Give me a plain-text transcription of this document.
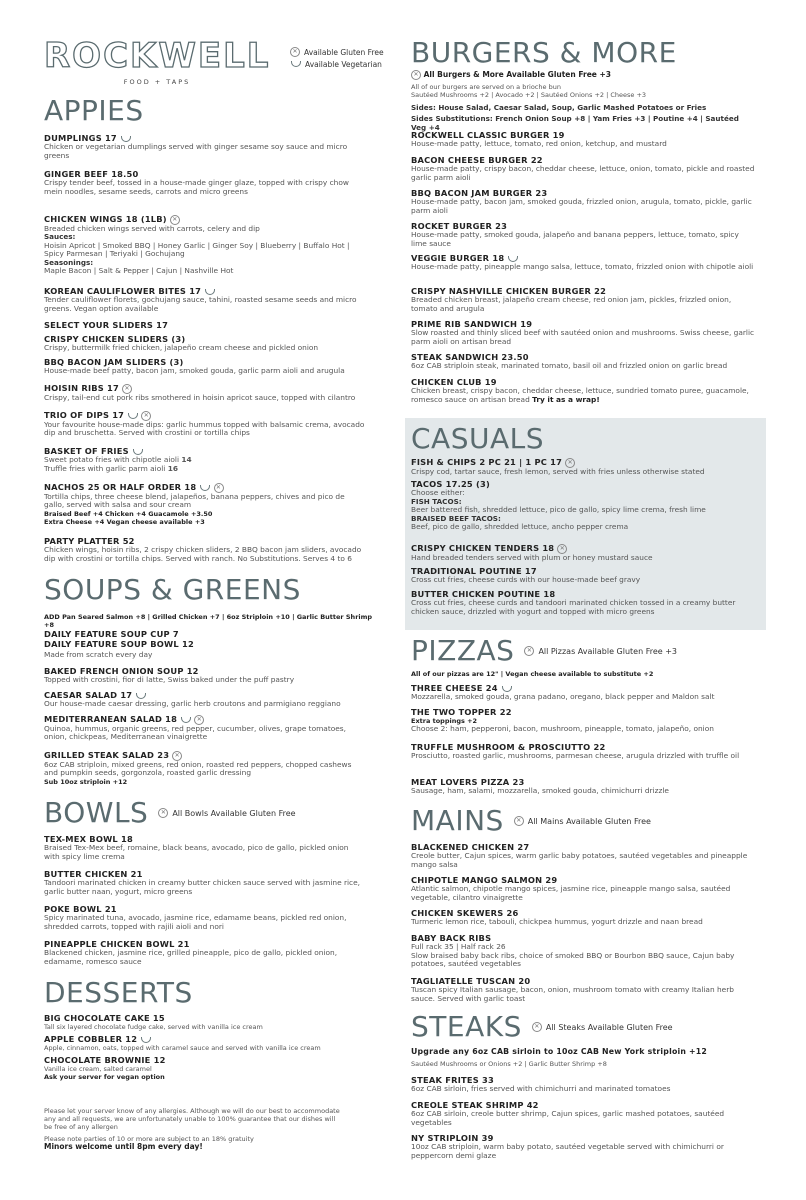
ROCKWELL
FOOD + TAPS
✕ Available Gluten Free
Available Vegetarian
APPIES
DUMPLINGS 17
Chicken or vegetarian dumplings served with ginger sesame soy sauce and micro greens
GINGER BEEF 18.50
Crispy tender beef, tossed in a house-made ginger glaze, topped with crispy chow mein noodles, sesame seeds, carrots and micro greens
CHICKEN WINGS 18 (1LB) ✕
Breaded chicken wings served with carrots, celery and dip
Sauces:
Hoisin Apricot | Smoked BBQ | Honey Garlic | Ginger Soy | Blueberry | Buffalo Hot | Spicy Parmesan | Teriyaki | Gochujang
Seasonings:
Maple Bacon | Salt & Pepper | Cajun | Nashville Hot
KOREAN CAULIFLOWER BITES 17
Tender cauliflower florets, gochujang sauce, tahini, roasted sesame seeds and micro greens. Vegan option available
SELECT YOUR SLIDERS 17
CRISPY CHICKEN SLIDERS (3)
Crispy, buttermilk fried chicken, jalapeño cream cheese and pickled onion
BBQ BACON JAM SLIDERS (3)
House-made beef patty, bacon jam, smoked gouda, garlic parm aioli and arugula
HOISIN RIBS 17 ✕
Crispy, tail-end cut pork ribs smothered in hoisin apricot sauce, topped with cilantro
TRIO OF DIPS 17	✕
Your favourite house-made dips: garlic hummus topped with balsamic crema, avocado dip and bruschetta. Served with crostini or tortilla chips
BASKET OF FRIES
Sweet potato fries with chipotle aioli 14
Truffle fries with garlic parm aioli 16
NACHOS 25 OR HALF ORDER 18	✕
Tortilla chips, three cheese blend, jalapeños, banana peppers, chives and pico de gallo, served with salsa and sour cream
Braised Beef +4 Chicken +4 Guacamole +3.50
Extra Cheese +4 Vegan cheese available +3
PARTY PLATTER 52
Chicken wings, hoisin ribs, 2 crispy chicken sliders, 2 BBQ bacon jam sliders, avocado dip with crostini or tortilla chips. Served with ranch. No Substitutions. Serves 4 to 6
SOUPS & GREENS
ADD Pan Seared Salmon +8 | Grilled Chicken +7 | 6oz Striploin +10 | Garlic Butter Shrimp +8
DAILY FEATURE SOUP CUP 7
DAILY FEATURE SOUP BOWL 12
Made from scratch every day
BAKED FRENCH ONION SOUP 12
Topped with crostini, fior di latte, Swiss baked under the puff pastry
CAESAR SALAD 17
Our house-made caesar dressing, garlic herb croutons and parmigiano reggiano
MEDITERRANEAN SALAD 18	✕
Quinoa, hummus, organic greens, red pepper, cucumber, olives, grape tomatoes, onion, chickpeas, Mediterranean vinaigrette
GRILLED STEAK SALAD 23 ✕
6oz CAB striploin, mixed greens, red onion, roasted red peppers, chopped cashews and pumpkin seeds, gorgonzola, roasted garlic dressing
Sub 10oz striploin +12
BOWLS	✕ All Bowls Available Gluten Free
TEX-MEX BOWL 18
Braised Tex-Mex beef, romaine, black beans, avocado, pico de gallo, pickled onion with spicy lime crema
BUTTER CHICKEN 21
Tandoori marinated chicken in creamy butter chicken sauce served with jasmine rice, garlic butter naan, yogurt, micro greens
POKE BOWL 21
Spicy marinated tuna, avocado, jasmine rice, edamame beans, pickled red onion, shredded carrots, topped with rajili aioli and nori
PINEAPPLE CHICKEN BOWL 21
Blackened chicken, jasmine rice, grilled pineapple, pico de gallo, pickled onion, edamame, romesco sauce
DESSERTS
BIG CHOCOLATE CAKE 15
Tall six layered chocolate fudge cake, served with vanilla ice cream
APPLE COBBLER 12
Apple, cinnamon, oats, topped with caramel sauce and served with vanilla ice cream
CHOCOLATE BROWNIE 12
Vanilla ice cream, salted caramel
Ask your server for vegan option
Please let your server know of any allergies. Although we will do our best to accommodate any and all requests, we are unfortunately unable to 100% guarantee that our dishes will be free of any allergen
Please note parties of 10 or more are subject to an 18% gratuity
Minors welcome until 8pm every day!
BURGERS & MORE
✕ All Burgers & More Available Gluten Free +3
All of our burgers are served on a brioche bun
Sautéed Mushrooms +2 | Avocado +2 | Sautéed Onions +2 | Cheese +3
Sides: House Salad, Caesar Salad, Soup, Garlic Mashed Potatoes or Fries
Sides Substitutions: French Onion Soup +8 | Yam Fries +3 | Poutine +4 | Sautéed Veg +4
ROCKWELL CLASSIC BURGER 19
House-made patty, lettuce, tomato, red onion, ketchup, and mustard
BACON CHEESE BURGER 22
House-made patty, crispy bacon, cheddar cheese, lettuce, onion, tomato, pickle and roasted garlic parm aioli
BBQ BACON JAM BURGER 23
House-made patty, bacon jam, smoked gouda, frizzled onion, arugula, tomato, pickle, garlic parm aioli
ROCKET BURGER 23
House-made patty, smoked gouda, jalapeño and banana peppers, lettuce, tomato, spicy lime sauce
VEGGIE BURGER 18
House-made patty, pineapple mango salsa, lettuce, tomato, frizzled onion with chipotle aioli
CRISPY NASHVILLE CHICKEN BURGER 22
Breaded chicken breast, jalapeño cream cheese, red onion jam, pickles, frizzled onion, tomato and arugula
PRIME RIB SANDWICH 19
Slow roasted and thinly sliced beef with sautéed onion and mushrooms. Swiss cheese, garlic parm aioli on artisan bread
STEAK SANDWICH 23.50
6oz CAB striploin steak, marinated tomato, basil oil and frizzled onion on garlic bread
CHICKEN CLUB 19
Chicken breast, crispy bacon, cheddar cheese, lettuce, sundried tomato puree, guacamole, romesco sauce on artisan bread Try it as a wrap!
CASUALS
FISH & CHIPS 2 PC 21 | 1 PC 17 ✕
Crispy cod, tartar sauce, fresh lemon, served with fries unless otherwise stated
TACOS 17.25 (3)
Choose either:
FISH TACOS:
Beer battered fish, shredded lettuce, pico de gallo, spicy lime crema, fresh lime
BRAISED BEEF TACOS:
Beef, pico de gallo, shredded lettuce, ancho pepper crema
CRISPY CHICKEN TENDERS 18 ✕
Hand breaded tenders served with plum or honey mustard sauce
TRADITIONAL POUTINE 17
Cross cut fries, cheese curds with our house-made beef gravy
BUTTER CHICKEN POUTINE 18
Cross cut fries, cheese curds and tandoori marinated chicken tossed in a creamy butter chicken sauce, drizzled with yogurt and topped with micro greens
PIZZAS	✕ All Pizzas Available Gluten Free +3
All of our pizzas are 12" | Vegan cheese available to substitute +2
THREE CHEESE 24
Mozzarella, smoked gouda, grana padano, oregano, black pepper and Maldon salt
THE TWO TOPPER 22
Extra toppings +2
Choose 2: ham, pepperoni, bacon, mushroom, pineapple, tomato, jalapeño, onion
TRUFFLE MUSHROOM & PROSCIUTTO 22
Prosciutto, roasted garlic, mushrooms, parmesan cheese, arugula drizzled with truffle oil
MEAT LOVERS PIZZA 23
Sausage, ham, salami, mozzarella, smoked gouda, chimichurri drizzle
MAINS	✕ All Mains Available Gluten Free
BLACKENED CHICKEN 27
Creole butter, Cajun spices, warm garlic baby potatoes, sautéed vegetables and pineapple mango salsa
CHIPOTLE MANGO SALMON 29
Atlantic salmon, chipotle mango spices, jasmine rice, pineapple mango salsa, sautéed vegetable, cilantro vinaigrette
CHICKEN SKEWERS 26
Turmeric lemon rice, tabouli, chickpea hummus, yogurt drizzle and naan bread
BABY BACK RIBS
Full rack 35 | Half rack 26
Slow braised baby back ribs, choice of smoked BBQ or Bourbon BBQ sauce, Cajun baby potatoes, sautéed vegetables
TAGLIATELLE TUSCAN 20
Tuscan spicy Italian sausage, bacon, onion, mushroom tomato with creamy Italian herb sauce. Served with garlic toast
STEAKS	✕ All Steaks Available Gluten Free
Upgrade any 6oz CAB sirloin to 10oz CAB New York striploin +12
Sautéed Mushrooms or Onions +2 | Garlic Butter Shrimp +8
STEAK FRITES 33
6oz CAB sirloin, fries served with chimichurri and marinated tomatoes
CREOLE STEAK SHRIMP 42
6oz CAB sirloin, creole butter shrimp, Cajun spices, garlic mashed potatoes, sautéed vegetables
NY STRIPLOIN 39
10oz CAB striploin, warm baby potato, sautéed vegetable served with chimichurri or peppercorn demi glaze
